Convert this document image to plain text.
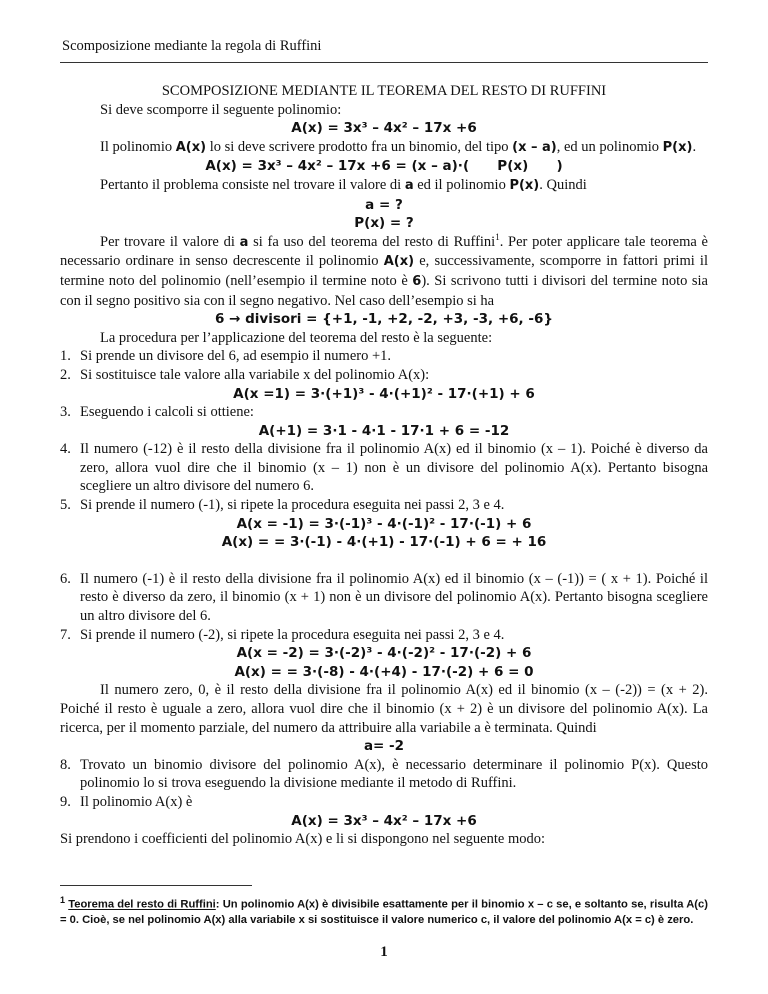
Scomposizione mediante la regola di Ruffini

SCOMPOSIZIONE MEDIANTE IL TEOREMA DEL RESTO DI RUFFINI

Si deve scomporre il seguente polinomio:

A(x) = 3x³ – 4x² – 17x +6

Il polinomio A(x) lo si deve scrivere prodotto fra un binomio, del tipo (x – a), ed un polinomio P(x).

A(x) = 3x³ – 4x² – 17x +6 = (x – a)·(      P(x)      )

Pertanto il problema consiste nel trovare il valore di a ed il polinomio P(x). Quindi

a = ?

P(x) = ?

Per trovare il valore di a si fa uso del teorema del resto di Ruffini$^1$. Per poter applicare tale teorema è necessario ordinare in senso decrescente il polinomio A(x) e, successivamente, scomporre in fattori primi il termine noto del polinomio (nell’esempio il termine noto è 6). Si scrivono tutti i divisori del termine noto sia con il segno positivo sia con il segno negativo. Nel caso dell’esempio si ha

6 → divisori = {+1, -1, +2, -2, +3, -3, +6, -6}

La procedura per l’applicazione del teorema del resto è la seguente:

1. Si prende un divisore del 6, ad esempio il numero +1.
2. Si sostituisce tale valore alla variabile x del polinomio A(x):

A(x =1) = 3·(+1)³ - 4·(+1)² - 17·(+1) + 6

3. Eseguendo i calcoli si ottiene:

A(+1) = 3·1 - 4·1 - 17·1 + 6 = -12

4. Il numero (-12) è il resto della divisione fra il polinomio A(x) ed il binomio (x – 1). Poiché è diverso da zero, allora vuol dire che il binomio (x – 1) non è un divisore del polinomio A(x). Pertanto bisogna scegliere un altro divisore del numero 6.
5. Si prende il numero (-1), si ripete la procedura eseguita nei passi 2, 3 e 4.

A(x = -1) = 3·(-1)³ - 4·(-1)² - 17·(-1) + 6

A(x) = = 3·(-1) - 4·(+1) - 17·(-1) + 6 = + 16

6. Il numero (-1) è il resto della divisione fra il polinomio A(x) ed il binomio (x – (-1)) = ( x + 1). Poiché il resto è diverso da zero, il binomio (x + 1) non è un divisore del polinomio A(x). Pertanto bisogna scegliere un altro divisore del 6.
7. Si prende il numero (-2), si ripete la procedura eseguita nei passi 2, 3 e 4.

A(x = -2) = 3·(-2)³ - 4·(-2)² - 17·(-2) + 6

A(x) = = 3·(-8) - 4·(+4) - 17·(-2) + 6 = 0

Il numero zero, 0, è il resto della divisione fra il polinomio A(x) ed il binomio (x – (-2)) = (x + 2). Poiché il resto è uguale a zero, allora vuol dire che il binomio (x + 2) è un divisore del polinomio A(x). La ricerca, per il momento parziale, del numero da attribuire alla variabile a è terminata. Quindi

a= -2

8. Trovato un binomio divisore del polinomio A(x), è necessario determinare il polinomio P(x). Questo polinomio lo si trova eseguendo la divisione mediante il metodo di Ruffini.
9. Il polinomio A(x) è

A(x) = 3x³ – 4x² – 17x +6

Si prendono i coefficienti del polinomio A(x) e li si dispongono nel seguente modo:

$^1$ Teorema del resto di Ruffini: Un polinomio A(x) è divisibile esattamente per il binomio x – c se, e soltanto se, risulta A(c) = 0. Cioè, se nel polinomio A(x) alla variabile x si sostituisce il valore numerico c, il valore del polinomio A(x = c) è zero.
1
